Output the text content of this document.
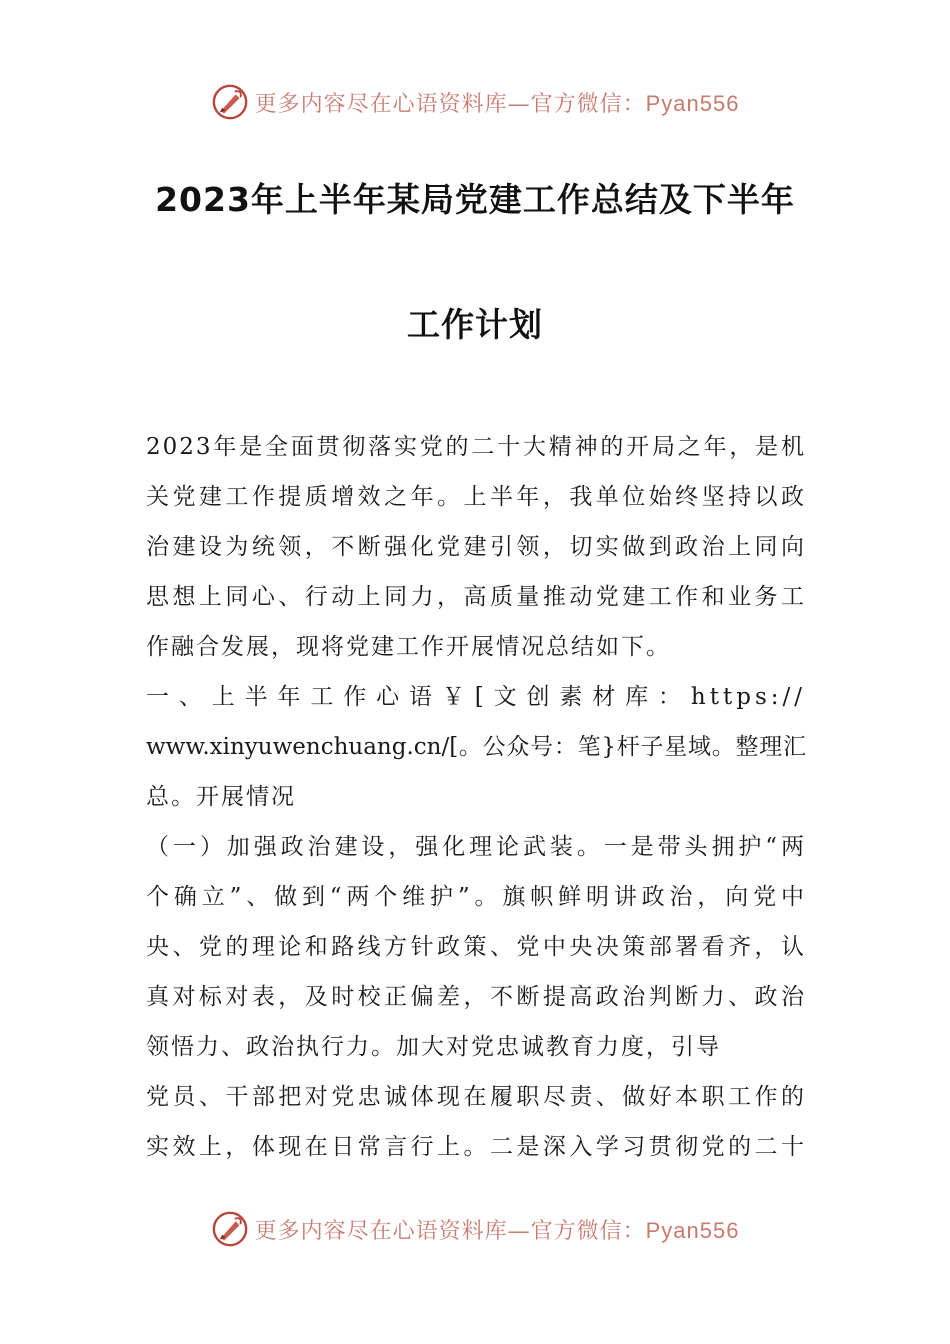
更多内容尽在心语资料库—官方微信：Pyan556
2023年上半年某局党建工作总结及下半年
工作计划
2023年是全面贯彻落实党的二十大精神的开局之年，是机
关党建工作提质增效之年。上半年，我单位始终坚持以政
治建设为统领，不断强化党建引领，切实做到政治上同向
思想上同心、行动上同力，高质量推动党建工作和业务工
作融合发展，现将党建工作开展情况总结如下。
一、上半年工作心语￥[文创素材库：https://
www.xinyuwenchuang.cn/[。公众号：笔}杆子星域。整理汇
总。开展情况
（一）加强政治建设，强化理论武装。一是带头拥护“两
个确立”、做到“两个维护”。旗帜鲜明讲政治，向党中
央、党的理论和路线方针政策、党中央决策部署看齐，认
真对标对表，及时校正偏差，不断提高政治判断力、政治
领悟力、政治执行力。加大对党忠诚教育力度，引导
党员、干部把对党忠诚体现在履职尽责、做好本职工作的
实效上，体现在日常言行上。二是深入学习贯彻党的二十
更多内容尽在心语资料库—官方微信：Pyan556
